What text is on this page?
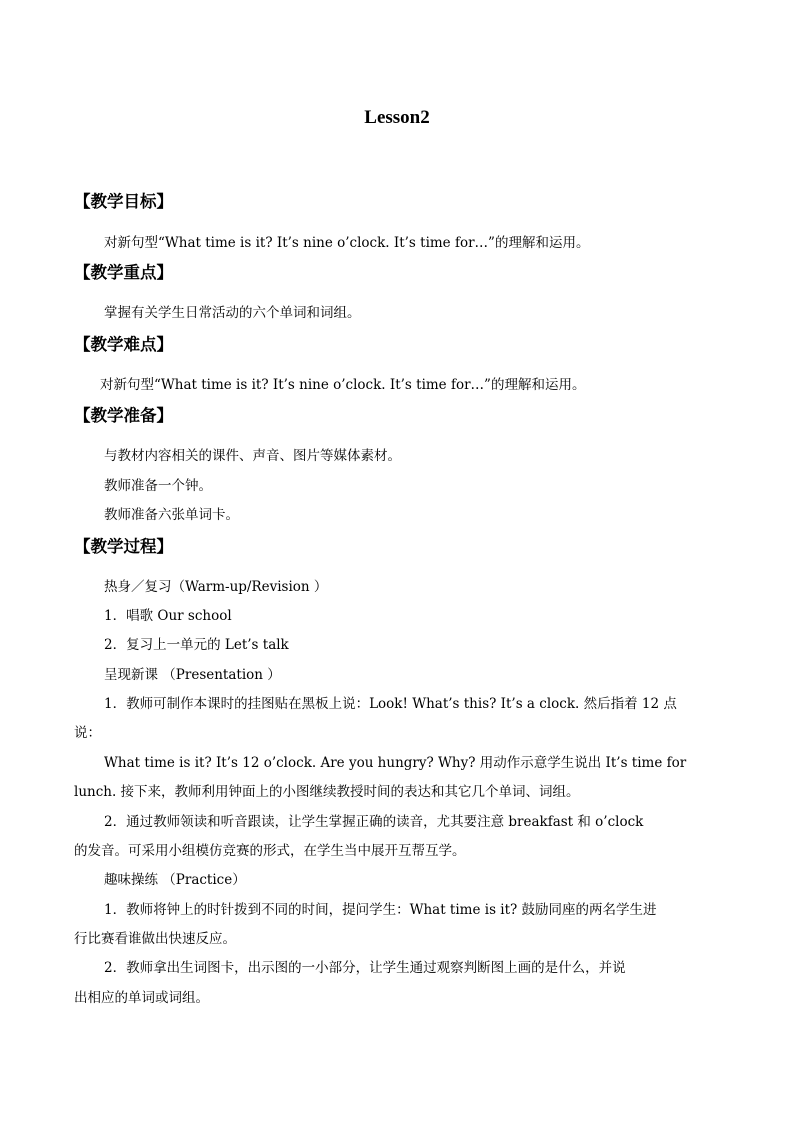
Lesson2
【教学目标】
对新句型“What time is it? It’s nine o’clock. It’s time for…”的理解和运用。
【教学重点】
掌握有关学生日常活动的六个单词和词组。
【教学难点】
对新句型“What time is it? It’s nine o’clock. It’s time for…”的理解和运用。
【教学准备】
与教材内容相关的课件、声音、图片等媒体素材。
教师准备一个钟。
教师准备六张单词卡。
【教学过程】
热身／复习（Warm-up/Revision ）
1．唱歌 Our school
2．复习上一单元的 Let’s talk
呈现新课 （Presentation ）
1．教师可制作本课时的挂图贴在黑板上说：Look! What’s this? It’s a clock. 然后指着 12 点
说：
What time is it? It’s 12 o’clock. Are you hungry? Why? 用动作示意学生说出 It’s time for
lunch. 接下来，教师利用钟面上的小图继续教授时间的表达和其它几个单词、词组。
2．通过教师领读和听音跟读，让学生掌握正确的读音，尤其要注意 breakfast 和 o’clock
的发音。可采用小组模仿竞赛的形式，在学生当中展开互帮互学。
趣味操练 （Practice）
1．教师将钟上的时针拨到不同的时间，提问学生：What time is it? 鼓励同座的两名学生进
行比赛看谁做出快速反应。
2．教师拿出生词图卡，出示图的一小部分，让学生通过观察判断图上画的是什么，并说
出相应的单词或词组。
